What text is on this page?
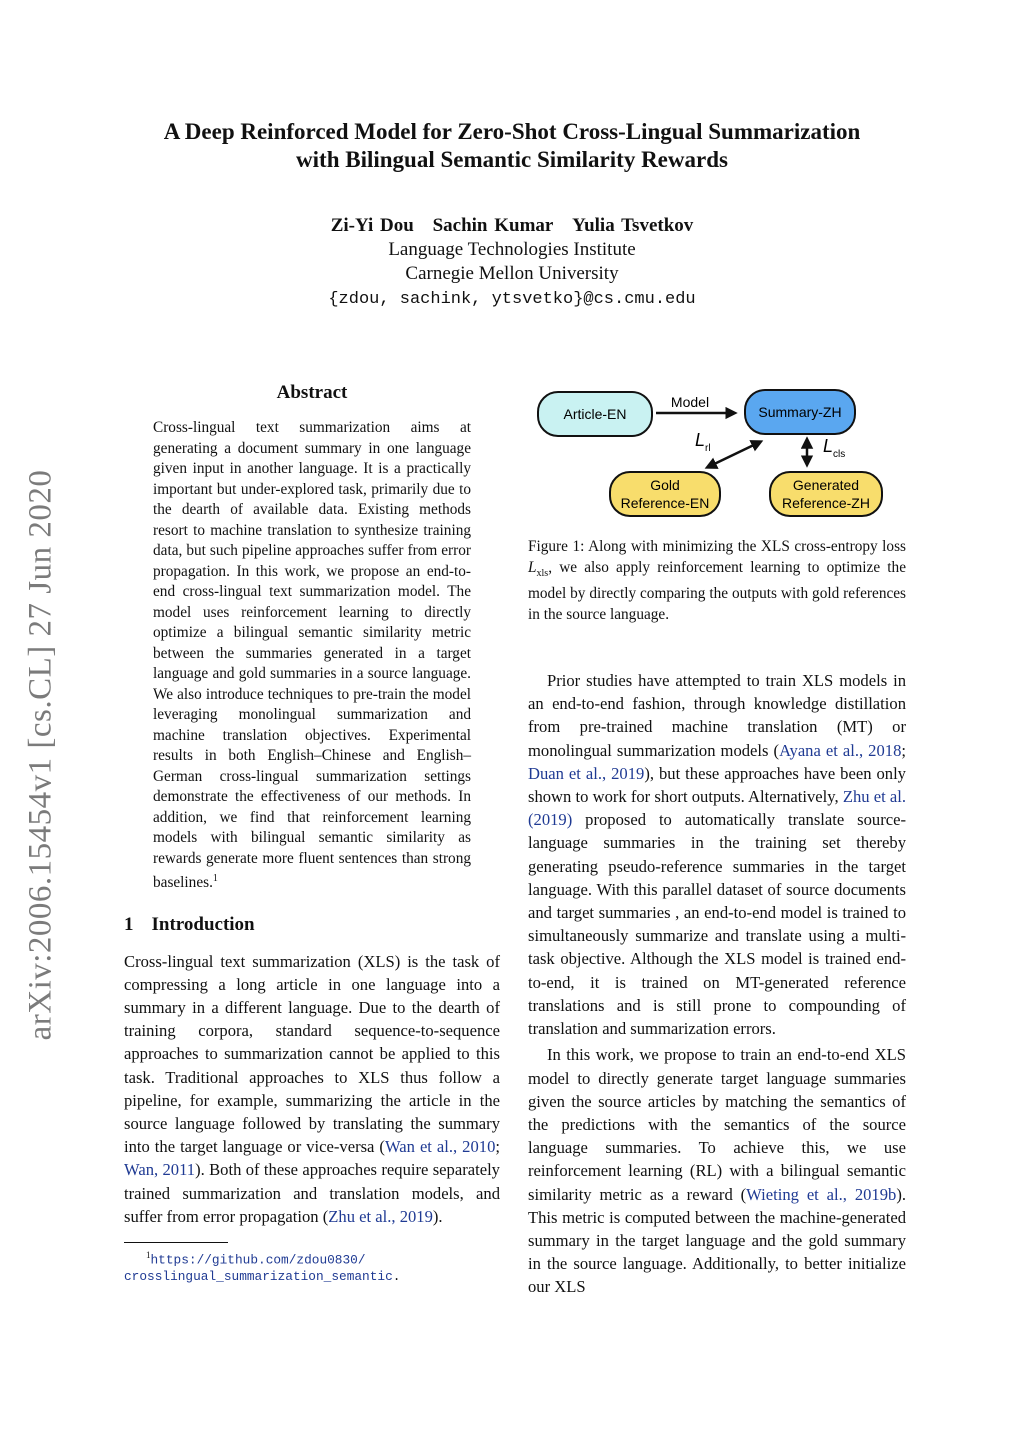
arXiv:2006.15454v1 [cs.CL] 27 Jun 2020
A Deep Reinforced Model for Zero-Shot Cross-Lingual Summarization
with Bilingual Semantic Similarity Rewards
Zi-Yi Dou Sachin Kumar Yulia Tsvetkov
Language Technologies Institute
Carnegie Mellon University
{zdou, sachink, ytsvetko}@cs.cmu.edu
Abstract
Cross-lingual text summarization aims at generating a document summary in one language given input in another language. It is a practically important but under-explored task, primarily due to the dearth of available data. Existing methods resort to machine translation to synthesize training data, but such pipeline approaches suffer from error propagation. In this work, we propose an end-to-end cross-lingual text summarization model. The model uses reinforcement learning to directly optimize a bilingual semantic similarity metric between the summaries generated in a target language and gold summaries in a source language. We also introduce techniques to pre-train the model leveraging monolingual summarization and machine translation objectives. Experimental results in both English–Chinese and English–German cross-lingual summarization settings demonstrate the effectiveness of our methods. In addition, we find that reinforcement learning models with bilingual semantic similarity as rewards generate more fluent sentences than strong baselines.$^1$
1 Introduction
Cross-lingual text summarization (XLS) is the task of compressing a long article in one language into a summary in a different language. Due to the dearth of training corpora, standard sequence-to-sequence approaches to summarization cannot be applied to this task. Traditional approaches to XLS thus follow a pipeline, for example, summarizing the article in the source language followed by translating the summary into the target language or vice-versa (Wan et al., 2010; Wan, 2011). Both of these approaches require separately trained summarization and translation models, and suffer from error propagation (Zhu et al., 2019).
$^1$https://github.com/zdou0830/
crosslingual_summarization_semantic.
Article-EN
Model
Summary-ZH
$L_{rl}$	$L_{cls}$
Gold
Reference-EN
Generated
Reference-ZH
Figure 1: Along with minimizing the XLS cross-entropy loss $L_{xls}$, we also apply reinforcement learning to optimize the model by directly comparing the outputs with gold references in the source language.

Prior studies have attempted to train XLS models in an end-to-end fashion, through knowledge distillation from pre-trained machine translation (MT) or monolingual summarization models (Ayana et al., 2018; Duan et al., 2019), but these approaches have been only shown to work for short outputs. Alternatively, Zhu et al. (2019) proposed to automatically translate source-language summaries in the training set thereby generating pseudo-reference summaries in the target language. With this parallel dataset of source documents and target summaries , an end-to-end model is trained to simultaneously summarize and translate using a multi-task objective. Although the XLS model is trained end-to-end, it is trained on MT-generated reference translations and is still prone to compounding of translation and summarization errors.

In this work, we propose to train an end-to-end XLS model to directly generate target language summaries given the source articles by matching the semantics of the predictions with the semantics of the source language summaries. To achieve this, we use reinforcement learning (RL) with a bilingual semantic similarity metric as a reward (Wieting et al., 2019b). This metric is computed between the machine-generated summary in the target language and the gold summary in the source language. Additionally, to better initialize our XLS
